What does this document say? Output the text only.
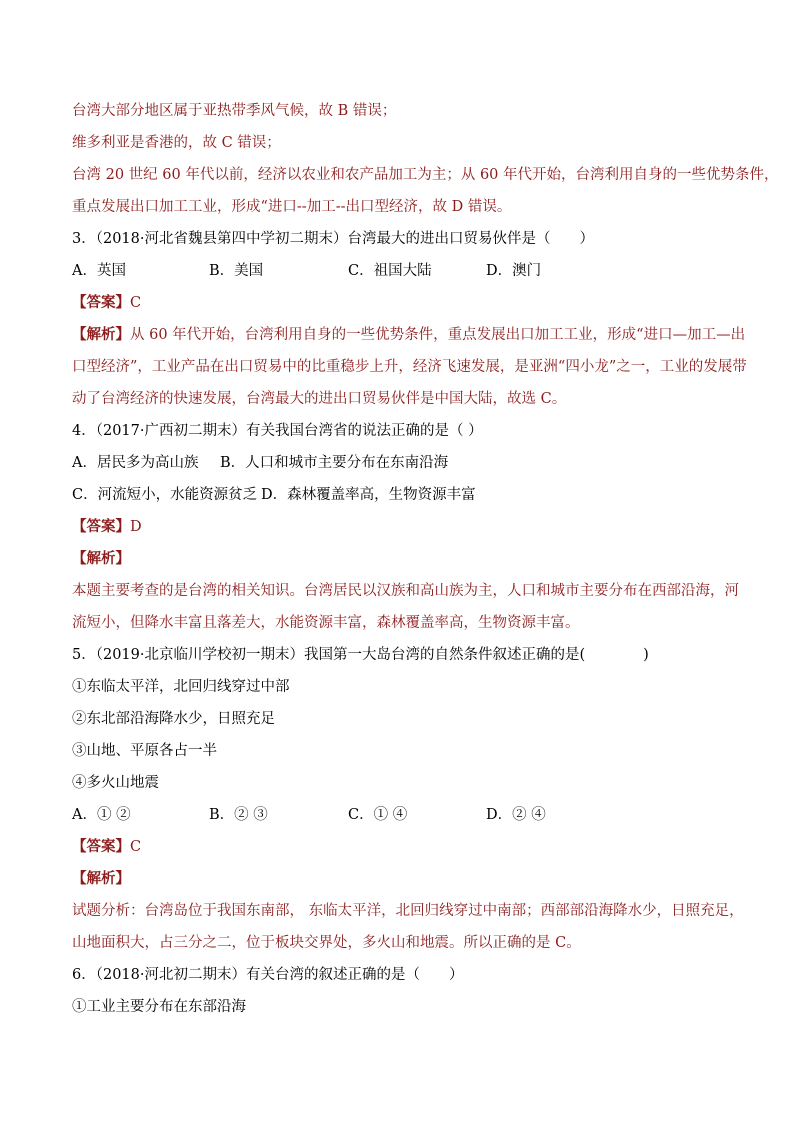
台湾大部分地区属于亚热带季风气候，故 B 错误；
维多利亚是香港的，故 C 错误；
台湾 20 世纪 60 年代以前，经济以农业和农产品加工为主；从 60 年代开始，台湾利用自身的一些优势条件，
重点发展出口加工工业，形成“进口--加工--出口型经济，故 D 错误。
3．（2018·河北省魏县第四中学初二期末）台湾最大的进出口贸易伙伴是（　　）
A．英国	B．美国	C．祖国大陆	D．澳门
【答案】C
【解析】从 60 年代开始，台湾利用自身的一些优势条件，重点发展出口加工工业，形成“进口—加工—出
口型经济”，工业产品在出口贸易中的比重稳步上升，经济飞速发展，是亚洲“四小龙”之一，工业的发展带
动了台湾经济的快速发展，台湾最大的进出口贸易伙伴是中国大陆，故选 C。
4．（2017·广西初二期末）有关我国台湾省的说法正确的是（ ）
A．居民多为高山族 B．人口和城市主要分布在东南沿海
C．河流短小，水能资源贫乏 D．森林覆盖率高，生物资源丰富
【答案】D
【解析】
本题主要考查的是台湾的相关知识。台湾居民以汉族和高山族为主，人口和城市主要分布在西部沿海，河
流短小，但降水丰富且落差大，水能资源丰富，森林覆盖率高，生物资源丰富。
5．（2019·北京临川学校初一期末）我国第一大岛台湾的自然条件叙述正确的是(　　　　)
①东临太平洋，北回归线穿过中部
②东北部沿海降水少，日照充足
③山地、平原各占一半
④多火山地震
A．① ②	B．② ③	C．① ④	D．② ④
【答案】C
【解析】
试题分析：台湾岛位于我国东南部， 东临太平洋，北回归线穿过中南部；西部部沿海降水少，日照充足，
山地面积大，占三分之二，位于板块交界处，多火山和地震。所以正确的是 C。
6．（2018·河北初二期末）有关台湾的叙述正确的是（　　）
①工业主要分布在东部沿海
